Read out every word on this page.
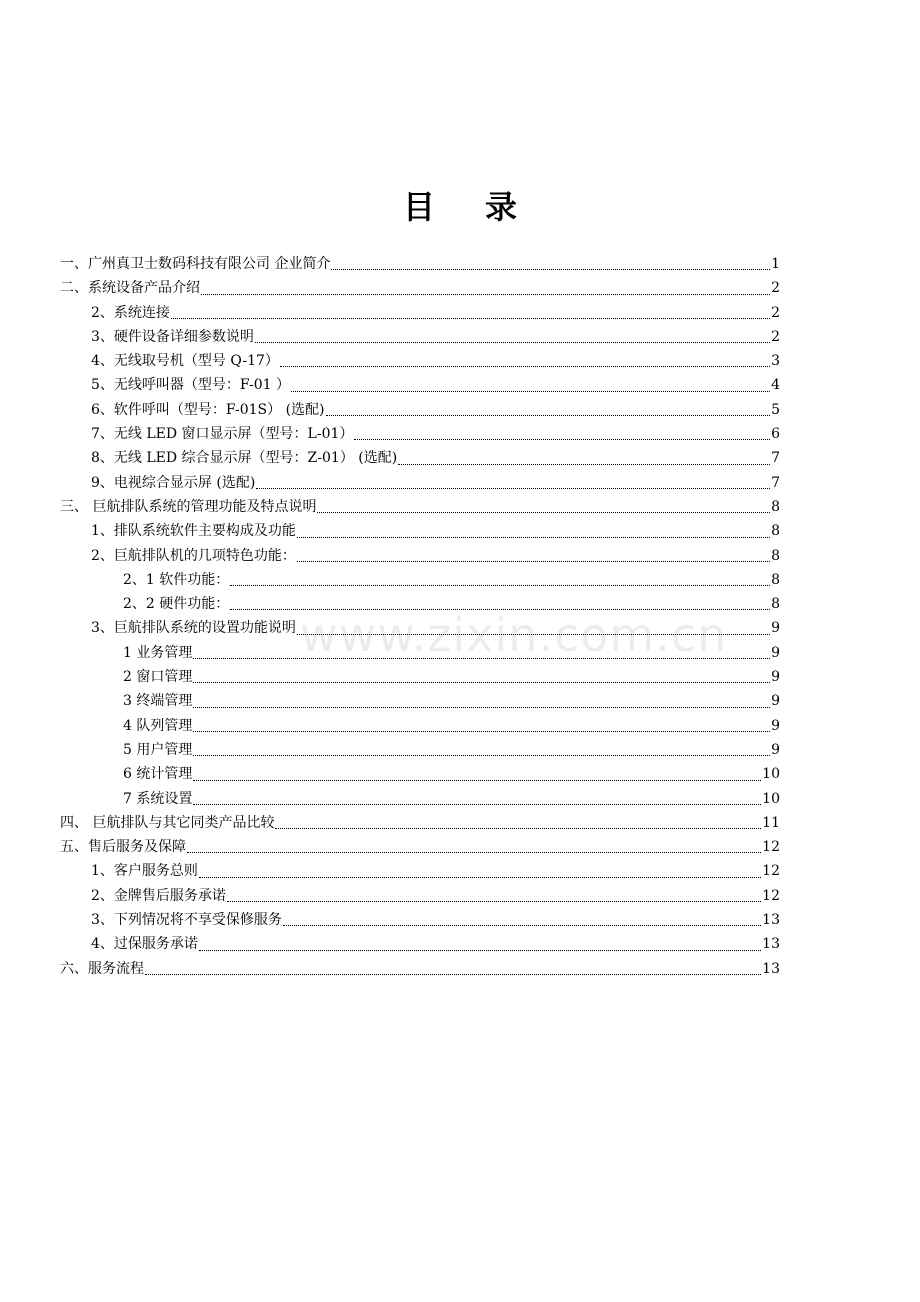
目 录
一、广州真卫士数码科技有限公司 企业简介	1
二、系统设备产品介绍	2
2、系统连接	2
3、硬件设备详细参数说明	2
4、无线取号机（型号 Q-17）	3
5、无线呼叫器（型号：F-01 ）	4
6、软件呼叫（型号：F-01S） (选配)	5
7、无线 LED 窗口显示屏（型号：L-01）	6
8、无线 LED 综合显示屏（型号：Z-01） (选配)	7
9、电视综合显示屏 (选配)	7
三、 巨航排队系统的管理功能及特点说明	8
1、排队系统软件主要构成及功能	8
2、巨航排队机的几项特色功能：	8
2、1 软件功能：	8
2、2 硬件功能：	8
3、巨航排队系统的设置功能说明	9
1 业务管理	9
2 窗口管理	9
3 终端管理	9
4 队列管理	9
5 用户管理	9
6 统计管理	10
7 系统设置	10
四、 巨航排队与其它同类产品比较	11
五、售后服务及保障	12
1、客户服务总则	12
2、金牌售后服务承诺	12
3、下列情况将不享受保修服务	13
4、过保服务承诺	13
六、服务流程	13
www.zixin.com.cn
